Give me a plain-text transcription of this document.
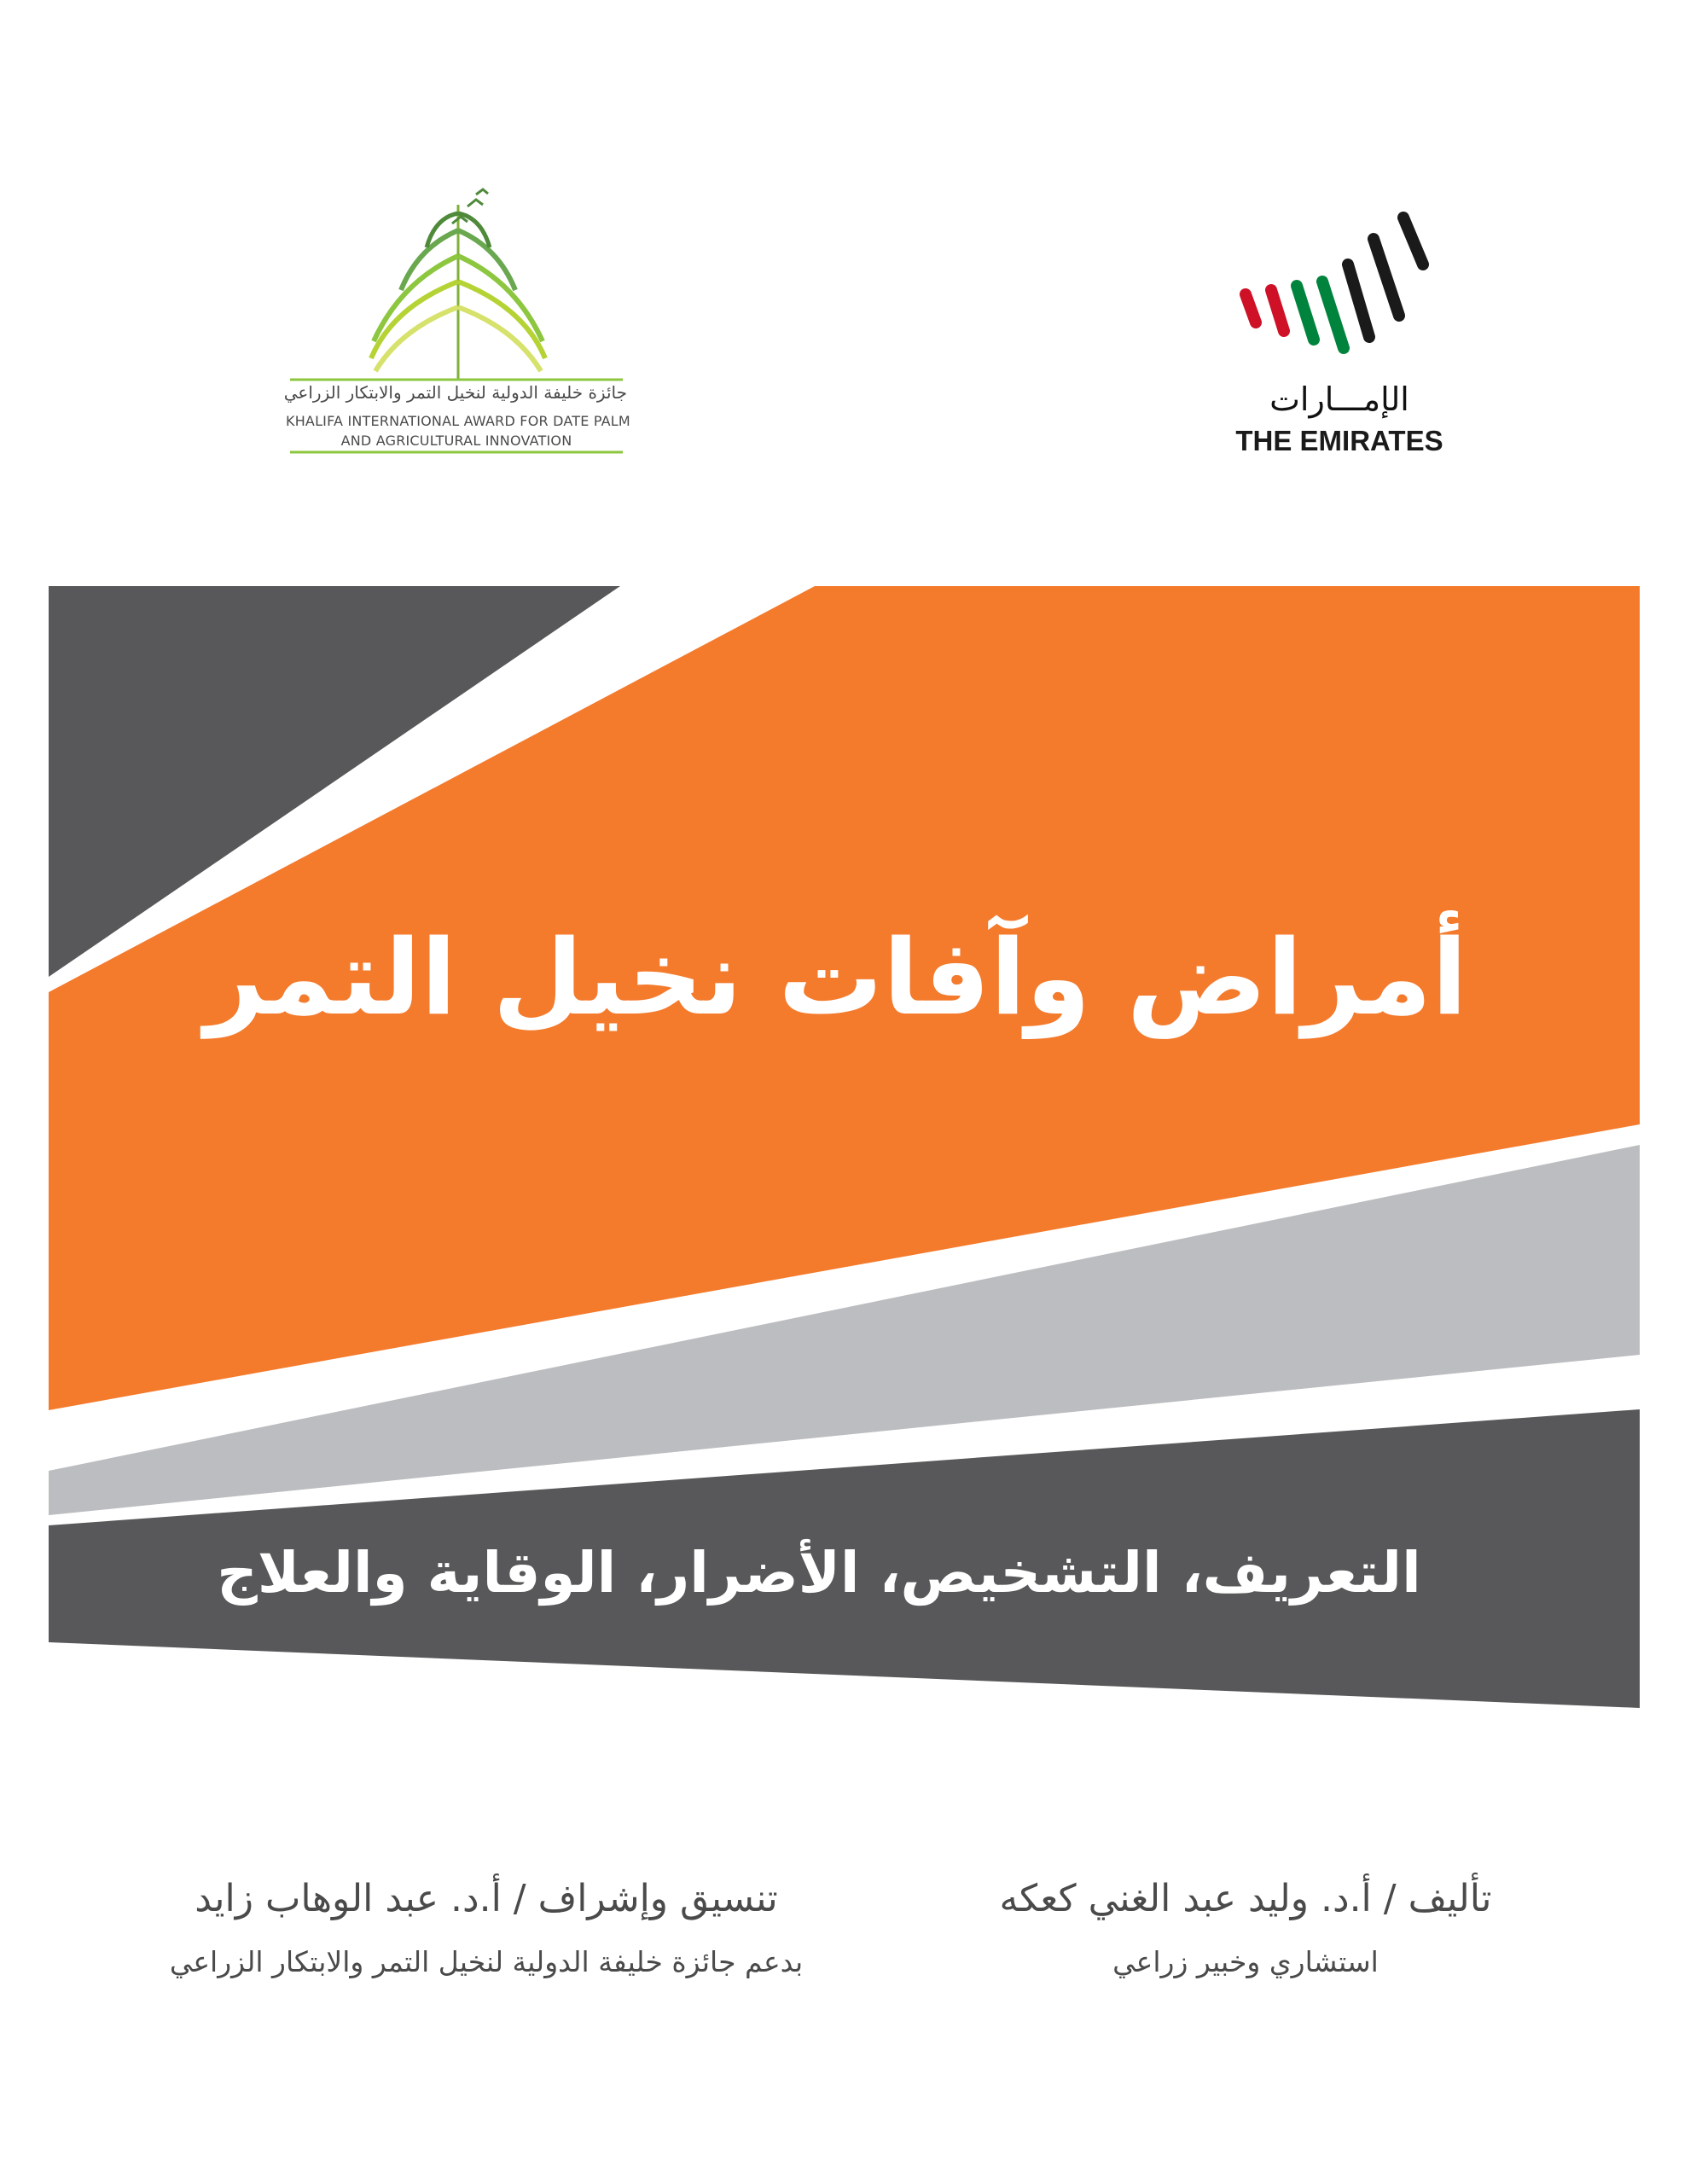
جائزة خليفة الدولية لنخيل التمر والابتكار الزراعي
KHALIFA INTERNATIONAL AWARD FOR DATE PALM
AND AGRICULTURAL INNOVATION
الإمـــارات
THE EMIRATES
أمراض وآفات نخيل التمر
التعريف، التشخيص، الأضرار، الوقاية والعلاج
تأليف / أ.د. وليد عبد الغني كعكه
استشاري وخبير زراعي
تنسيق وإشراف / أ.د. عبد الوهاب زايد
بدعم جائزة خليفة الدولية لنخيل التمر والابتكار الزراعي
